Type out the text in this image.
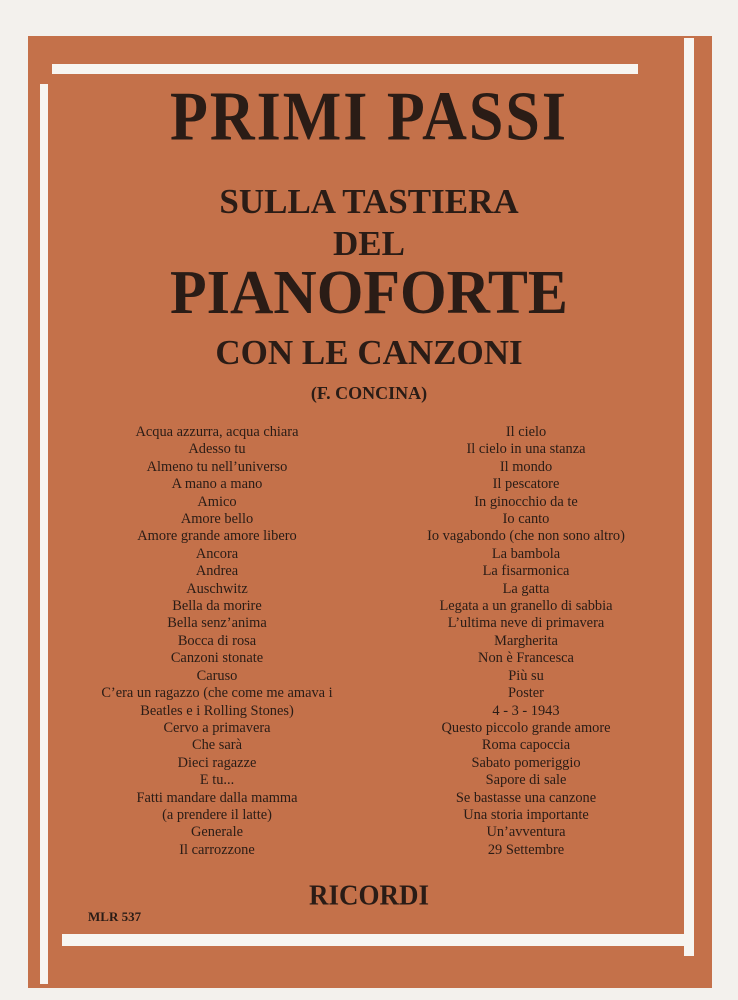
PRIMI PASSI
SULLA TASTIERA
DEL
PIANOFORTE
CON LE CANZONI
(F. CONCINA)
Acqua azzurra, acqua chiara
Adesso tu
Almeno tu nell’universo
A mano a mano
Amico
Amore bello
Amore grande amore libero
Ancora
Andrea
Auschwitz
Bella da morire
Bella senz’anima
Bocca di rosa
Canzoni stonate
Caruso
C’era un ragazzo (che come me amava i
Beatles e i Rolling Stones)
Cervo a primavera
Che sarà
Dieci ragazze
E tu...
Fatti mandare dalla mamma
(a prendere il latte)
Generale
Il carrozzone
Il cielo
Il cielo in una stanza
Il mondo
Il pescatore
In ginocchio da te
Io canto
Io vagabondo (che non sono altro)
La bambola
La fisarmonica
La gatta
Legata a un granello di sabbia
L’ultima neve di primavera
Margherita
Non è Francesca
Più su
Poster
4 - 3 - 1943
Questo piccolo grande amore
Roma capoccia
Sabato pomeriggio
Sapore di sale
Se bastasse una canzone
Una storia importante
Un’avventura
29 Settembre
RICORDI
MLR 537
